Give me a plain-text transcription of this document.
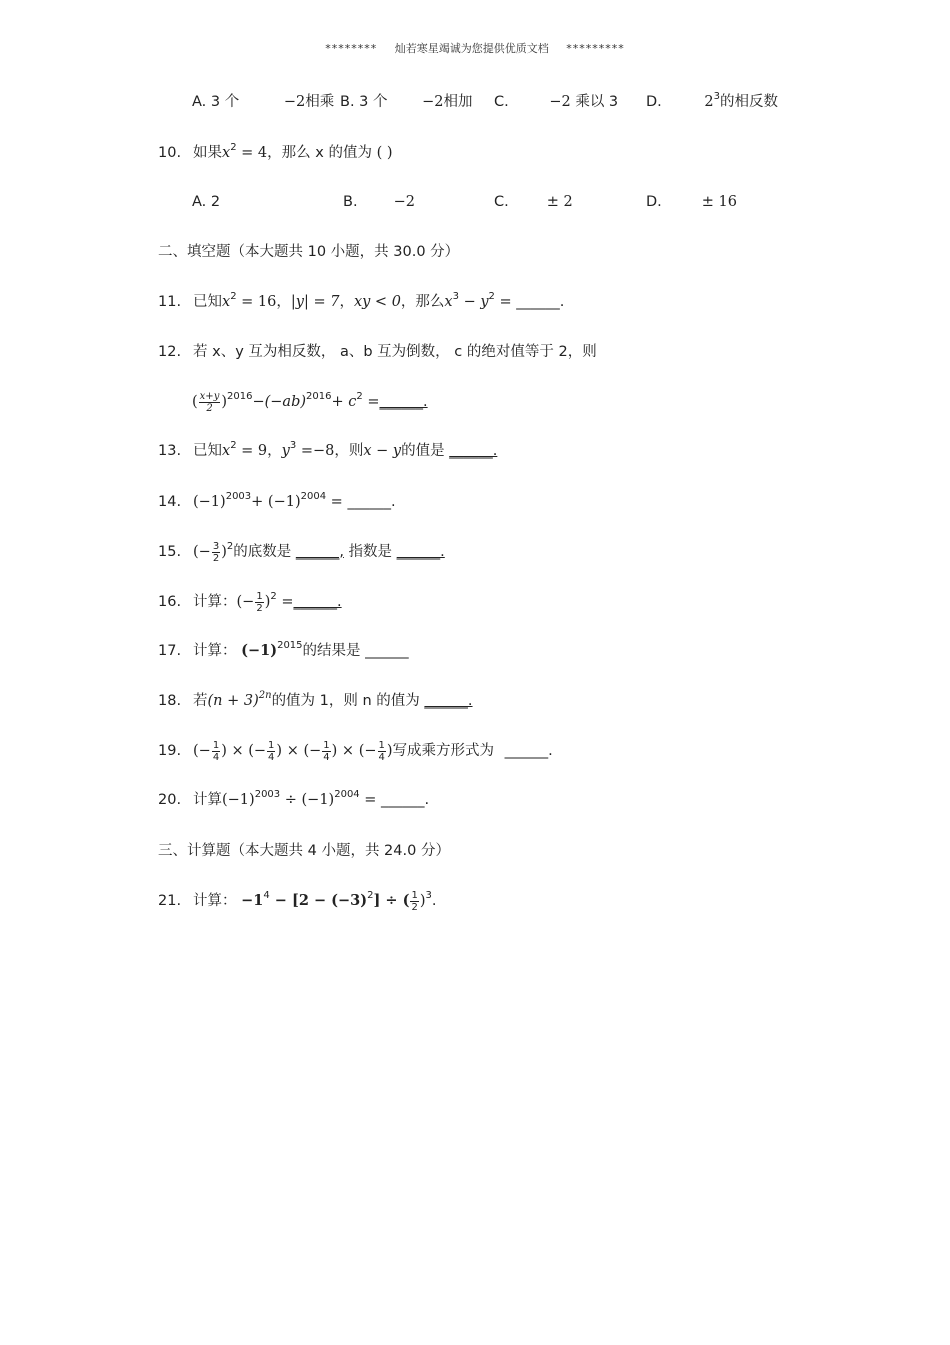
******** 灿若寒星竭诚为您提供优质文档 *********
A. 3 个	−2相乘 B. 3 个 −2相加 C.	−2 乘以 3 D.	$2^3$的相反数
10. 如果$x^2 = 4$，那么 x 的值为 ( )
A. 2	B. −2	C.	± 2	D.	± 16
二、填空题（本大题共 10 小题，共 30.0 分）
11. 已知$x^2 = 16$，|y| = 7，xy < 0，那么$x^3 - y^2$ = ______.
12. 若 x、y 互为相反数， a、b 互为倒数， c 的绝对值等于 2，则
( $\frac{x+y}{2} )^{2016}-(-ab)^{2016}+ c^2$ =______.
13. 已知$x^2 = 9$，$y^3 =-8$，则x − y的值是 ______.
14. $(-1)^{2003}+ (-1)^{2004}$ = ______.
15. (− $\frac{3}{2} )^2$的底数是 ______, 指数是 ______.
16. 计算：(− $\frac{1}{2} )^2$ =______.
17. 计算： $(-1)^{2015}$的结果是 ______
18. 若$(n + 3)^{2n}$的值为 1，则 n 的值为 ______.
19. (− $\frac{1}{4}$ ) × (− $\frac{1}{4}$ ) × (− $\frac{1}{4}$ ) × (− $\frac{1}{4}$ )写成乘方形式为 ______.
20. 计算$(-1)^{2003} \div (-1)^{2004}$ = ______.
三、计算题（本大题共 4 小题，共 24.0 分）
21. 计算： $-1^4 - [2 - (-3)^2]$ ÷ ( $\frac{1}{2} )^3$.
